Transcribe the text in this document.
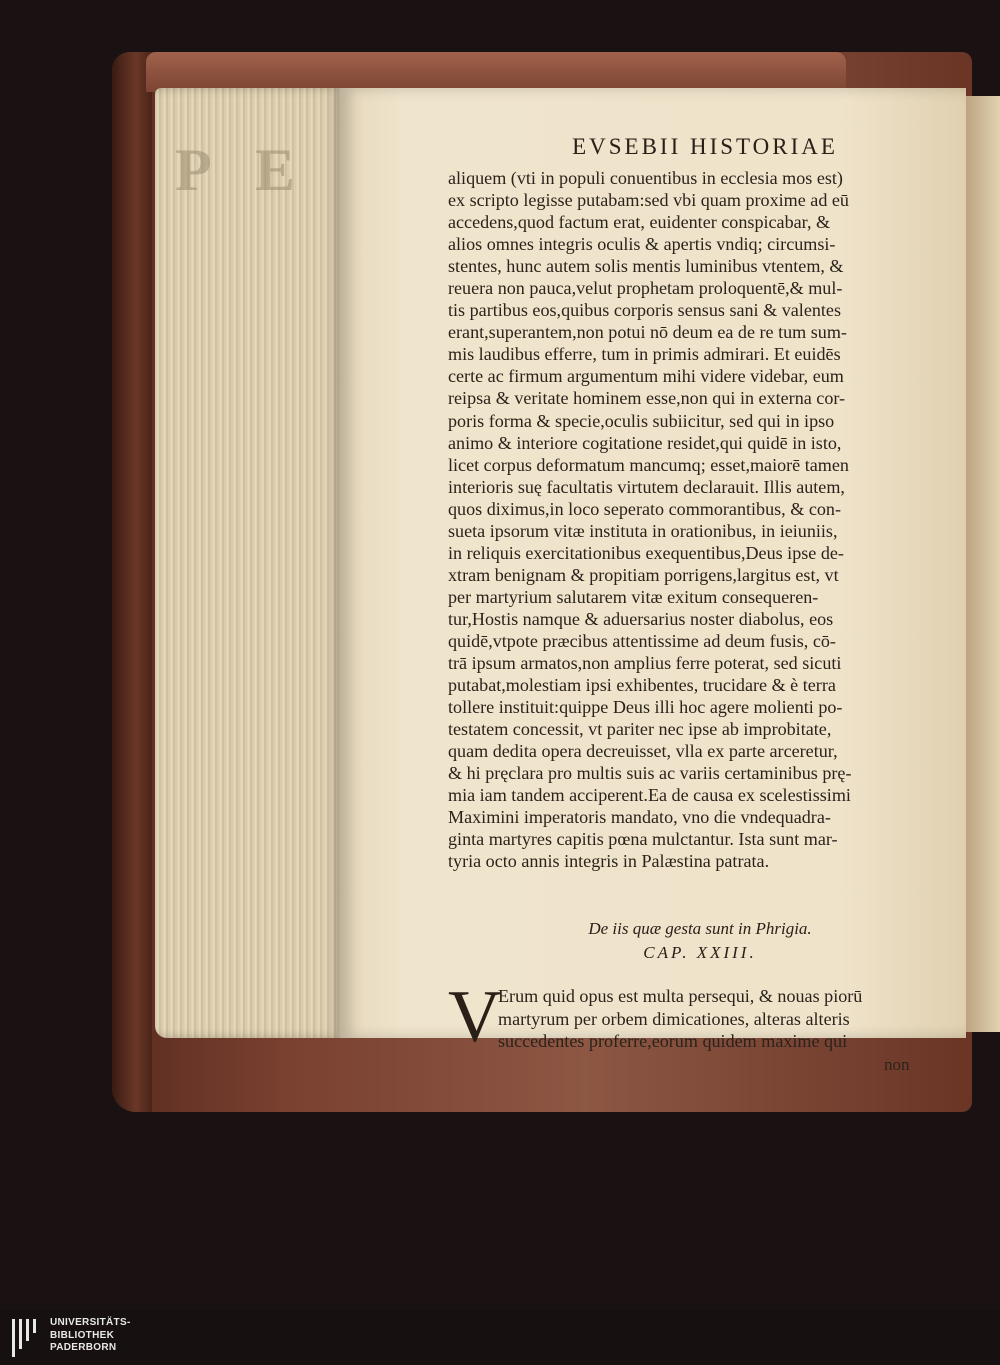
P E	EVSEBII HISTORIAE
aliquem (vti in populi conuentibus in ecclesia mos est)
ex scripto legisse putabam:sed vbi quam proxime ad eū
accedens,quod factum erat, euidenter conspicabar, &
alios omnes integris oculis & apertis vndiq; circumsi-
stentes, hunc autem solis mentis luminibus vtentem, &
reuera non pauca,velut prophetam proloquentē,& mul-
tis partibus eos,quibus corporis sensus sani & valentes
erant,superantem,non potui nō deum ea de re tum sum-
mis laudibus efferre, tum in primis admirari. Et euidēs
certe ac firmum argumentum mihi videre videbar, eum
reipsa & veritate hominem esse,non qui in externa cor-
poris forma & specie,oculis subiicitur, sed qui in ipso
animo & interiore cogitatione residet,qui quidē in isto,
licet corpus deformatum mancumq; esset,maiorē tamen
interioris suę facultatis virtutem declarauit. Illis autem,
quos diximus,in loco seperato commorantibus, & con-
sueta ipsorum vitæ instituta in orationibus, in ieiuniis,
in reliquis exercitationibus exequentibus,Deus ipse de-
xtram benignam & propitiam porrigens,largitus est, vt
per martyrium salutarem vitæ exitum consequeren-
tur,Hostis namque & aduersarius noster diabolus, eos
quidē,vtpote præcibus attentissime ad deum fusis, cō-
trā ipsum armatos,non amplius ferre poterat, sed sicuti
putabat,molestiam ipsi exhibentes, trucidare & è terra
tollere instituit:quippe Deus illi hoc agere molienti po-
testatem concessit, vt pariter nec ipse ab improbitate,
quam dedita opera decreuisset, vlla ex parte arceretur,
& hi pręclara pro multis suis ac variis certaminibus prę-
mia iam tandem acciperent.Ea de causa ex scelestissimi
Maximini imperatoris mandato, vno die vndequadra-
ginta martyres capitis pœna mulctantur. Ista sunt mar-
tyria octo annis integris in Palæstina patrata.
De iis quæ gesta sunt in Phrigia.
CAP. XXIII.
V
Erum quid opus est multa persequi, & nouas piorū
martyrum per orbem dimicationes, alteras alteris
succedentes proferre,eorum quidem maxime qui
non
UNIVERSITÄTS-
BIBLIOTHEK
PADERBORN
